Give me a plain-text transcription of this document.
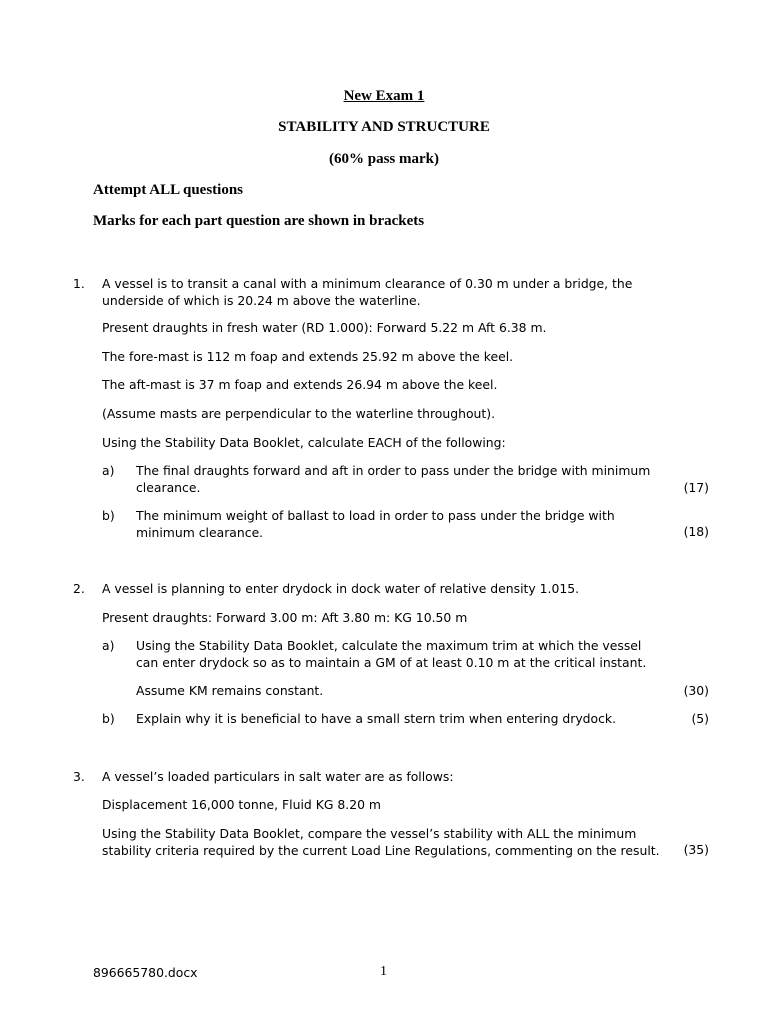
New Exam 1
STABILITY AND STRUCTURE
(60% pass mark)
Attempt ALL questions
Marks for each part question are shown in brackets
1. A vessel is to transit a canal with a minimum clearance of 0.30 m under a bridge, the underside of which is 20.24 m above the waterline.
Present draughts in fresh water (RD 1.000): Forward 5.22 m Aft 6.38 m.
The fore-mast is 112 m foap and extends 25.92 m above the keel.
The aft-mast is 37 m foap and extends 26.94 m above the keel.
(Assume masts are perpendicular to the waterline throughout).
Using the Stability Data Booklet, calculate EACH of the following:
a) The final draughts forward and aft in order to pass under the bridge with minimum clearance.	(17)
b) The minimum weight of ballast to load in order to pass under the bridge with minimum clearance.	(18)
2. A vessel is planning to enter drydock in dock water of relative density 1.015.
Present draughts: Forward 3.00 m: Aft 3.80 m: KG 10.50 m
a) Using the Stability Data Booklet, calculate the maximum trim at which the vessel can enter drydock so as to maintain a GM of at least 0.10 m at the critical instant.
Assume KM remains constant.	(30)
b) Explain why it is beneficial to have a small stern trim when entering drydock.	(5)
3. A vessel’s loaded particulars in salt water are as follows:
Displacement 16,000 tonne, Fluid KG 8.20 m
Using the Stability Data Booklet, compare the vessel’s stability with ALL the minimum stability criteria required by the current Load Line Regulations, commenting on the result.	(35)
896665780.docx	1
